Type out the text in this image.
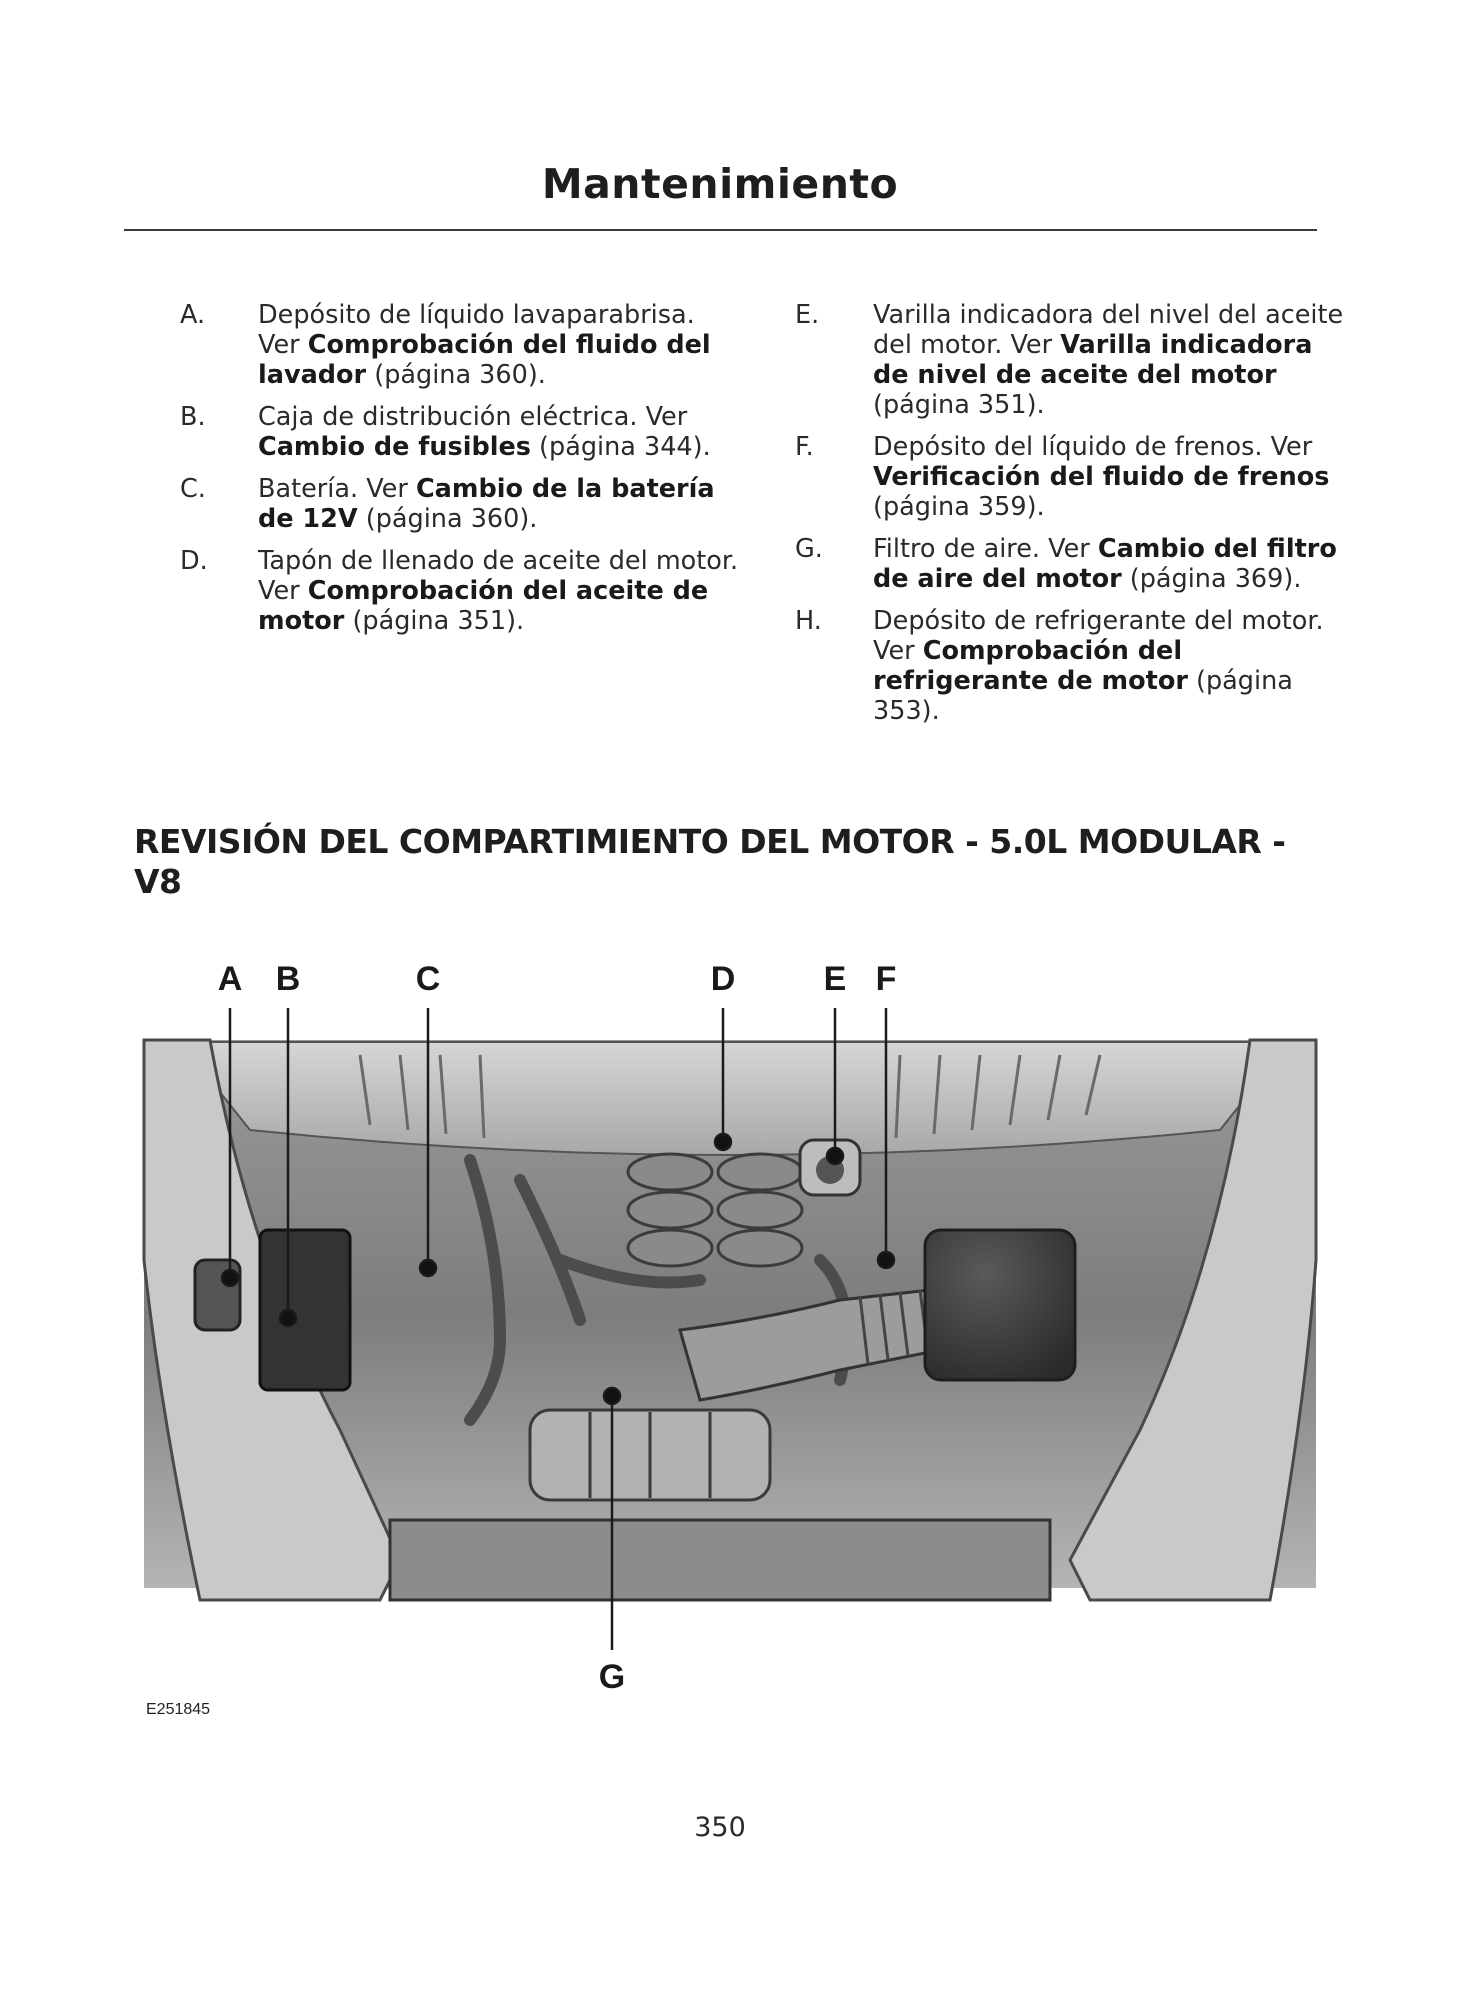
Mantenimiento
A.	Depósito de líquido lavaparabrisa. Ver Comprobación del fluido del lavador (página 360).
B.	Caja de distribución eléctrica. Ver Cambio de fusibles (página 344).
C.	Batería. Ver Cambio de la batería de 12V (página 360).
D.	Tapón de llenado de aceite del motor. Ver Comprobación del aceite de motor (página 351).
E.	Varilla indicadora del nivel del aceite del motor. Ver Varilla indicadora de nivel de aceite del motor (página 351).
F.	Depósito del líquido de frenos. Ver Verificación del fluido de frenos (página 359).
G.	Filtro de aire. Ver Cambio del filtro de aire del motor (página 369).
H.	Depósito de refrigerante del motor. Ver Comprobación del refrigerante de motor (página 353).
REVISIÓN DEL COMPARTIMIENTO DEL MOTOR - 5.0L MODULAR - V8
A B	C	D	E F
G
E251845
350
